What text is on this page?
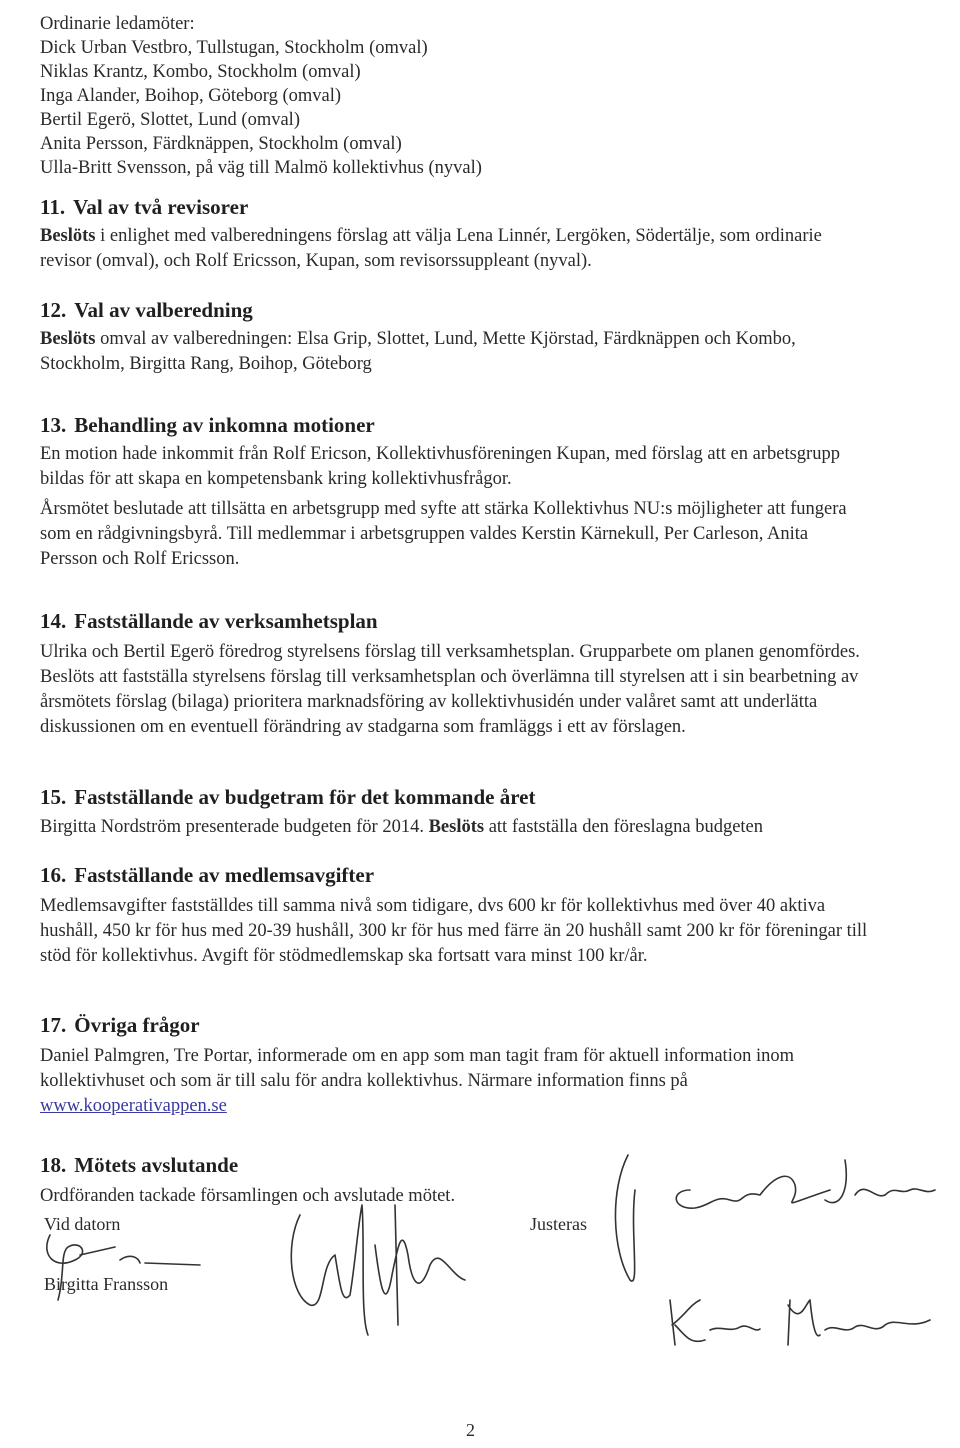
Ordinarie ledamöter:
Dick Urban Vestbro, Tullstugan, Stockholm (omval)
Niklas Krantz, Kombo, Stockholm (omval)
Inga Alander, Boihop, Göteborg (omval)
Bertil Egerö, Slottet, Lund (omval)
Anita Persson, Färdknäppen, Stockholm (omval)
Ulla-Britt Svensson, på väg till Malmö kollektivhus (nyval)
11. Val av två revisorer
Beslöts i enlighet med valberedningens förslag att välja Lena Linnér, Lergöken, Södertälje, som ordinarie revisor (omval), och Rolf Ericsson, Kupan, som revisorssuppleant (nyval).
12. Val av valberedning
Beslöts omval av valberedningen: Elsa Grip, Slottet, Lund, Mette Kjörstad, Färdknäppen och Kombo, Stockholm, Birgitta Rang, Boihop, Göteborg
13. Behandling av inkomna motioner
En motion hade inkommit från Rolf Ericson, Kollektivhusföreningen Kupan, med förslag att en arbetsgrupp bildas för att skapa en kompetensbank kring kollektivhusfrågor.
Årsmötet beslutade att tillsätta en arbetsgrupp med syfte att stärka Kollektivhus NU:s möjligheter att fungera som en rådgivningsbyrå. Till medlemmar i arbetsgruppen valdes Kerstin Kärnekull, Per Carleson, Anita Persson och Rolf Ericsson.
14. Fastställande av verksamhetsplan
Ulrika och Bertil Egerö föredrog styrelsens förslag till verksamhetsplan. Grupparbete om planen genomfördes. Beslöts att fastställa styrelsens förslag till verksamhetsplan och överlämna till styrelsen att i sin bearbetning av årsmötets förslag (bilaga) prioritera marknadsföring av kollektivhusidén under valåret samt att underlätta diskussionen om en eventuell förändring av stadgarna som framläggs i ett av förslagen.
15. Fastställande av budgetram för det kommande året
Birgitta Nordström presenterade budgeten för 2014. Beslöts att fastställa den föreslagna budgeten
16. Fastställande av medlemsavgifter
Medlemsavgifter fastställdes till samma nivå som tidigare, dvs 600 kr för kollektivhus med över 40 aktiva hushåll, 450 kr för hus med 20-39 hushåll, 300 kr för hus med färre än 20 hushåll samt 200 kr för föreningar till stöd för kollektivhus. Avgift för stödmedlemskap ska fortsatt vara minst 100 kr/år.
17. Övriga frågor
Daniel Palmgren, Tre Portar, informerade om en app som man tagit fram för aktuell information inom kollektivhuset och som är till salu för andra kollektivhus. Närmare information finns på
www.kooperativappen.se
18. Mötets avslutande
Ordföranden tackade församlingen och avslutade mötet.
Vid datorn
Birgitta Fransson
Justeras
2
